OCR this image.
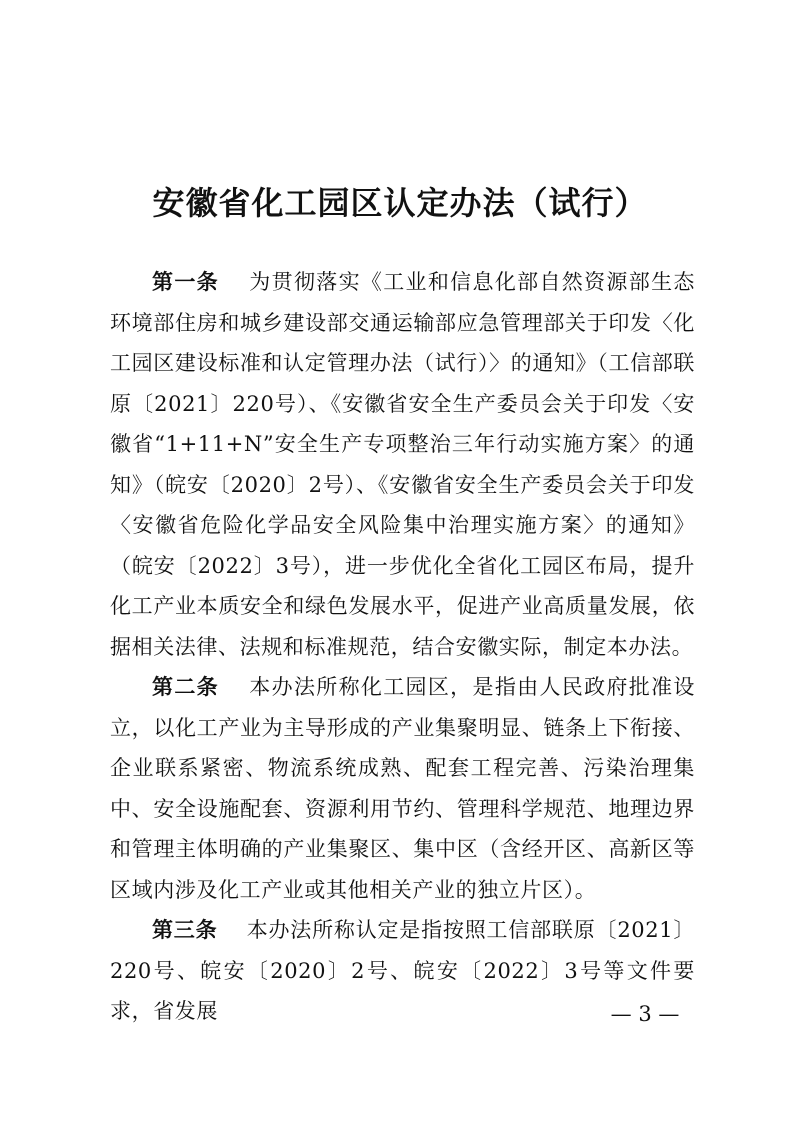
安徽省化工园区认定办法（试行）

第一条　 为贯彻落实《工业和信息化部自然资源部生态环境部住房和城乡建设部交通运输部应急管理部关于印发〈化工园区建设标准和认定管理办法（试行）〉的通知》（工信部联原〔2021〕220号）、《安徽省安全生产委员会关于印发〈安徽省“1+11+N”安全生产专项整治三年行动实施方案〉的通知》（皖安〔2020〕2号）、《安徽省安全生产委员会关于印发〈安徽省危险化学品安全风险集中治理实施方案〉的通知》（皖安〔2022〕3号），进一步优化全省化工园区布局，提升化工产业本质安全和绿色发展水平，促进产业高质量发展，依据相关法律、法规和标准规范，结合安徽实际，制定本办法。

第二条　 本办法所称化工园区，是指由人民政府批准设立，以化工产业为主导形成的产业集聚明显、链条上下衔接、企业联系紧密、物流系统成熟、配套工程完善、污染治理集中、安全设施配套、资源利用节约、管理科学规范、地理边界和管理主体明确的产业集聚区、集中区（含经开区、高新区等区域内涉及化工产业或其他相关产业的独立片区）。

第三条　 本办法所称认定是指按照工信部联原〔2021〕220号、皖安〔2020〕2号、皖安〔2022〕3号等文件要求，省发展	— 3 —
